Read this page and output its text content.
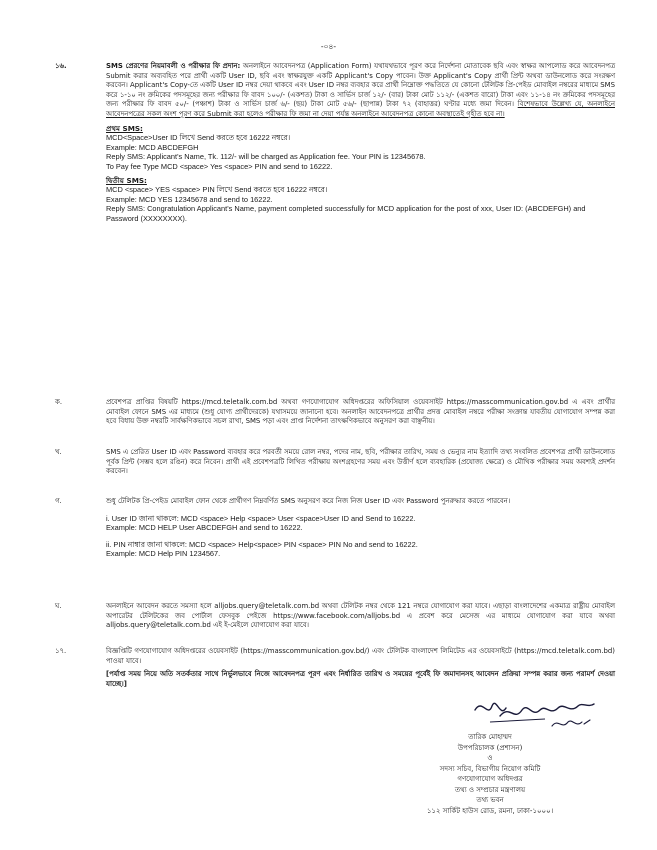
-০৪-
১৬.	SMS প্রেরণের নিয়মাবলী ও পরীক্ষার ফি প্রদান: অনলাইনে আবেদনপত্র (Application Form) যথাযথভাবে পূরণ করে নির্দেশনা মোতাবেক ছবি এবং স্বাক্ষর আপলোড করে আবেদনপত্র Submit করার অব্যবহিত পরে প্রার্থী একটি User ID, ছবি এবং স্বাক্ষরযুক্ত একটি Applicant's Copy পাবেন। উক্ত Applicant's Copy প্রার্থী প্রিন্ট অথবা ডাউনলোড করে সংরক্ষণ করবেন। Applicant's Copy-তে একটি User ID নম্বর দেয়া থাকবে এবং User ID নম্বর ব্যবহার করে প্রার্থী নিম্নোক্ত পদ্ধতিতে যে কোনো টেলিটক প্রি-পেইড মোবাইল নম্বরের মাধ্যমে SMS করে ১-১০ নং ক্রমিকের পদসমূহের জন্য পরীক্ষার ফি বাবদ ১০০/- (একশত) টাকা ও সার্ভিস চার্জ ১২/- (বার) টাকা মোট ১১২/- (একশত বারো) টাকা এবং ১১-১৪ নং ক্রমিকের পদসমূহের জন্য পরীক্ষার ফি বাবদ ৫০/- (পঞ্চাশ) টাকা ও সার্ভিস চার্জ ৬/- (ছয়) টাকা মোট ৫৬/- (ছাপান্ন) টাকা ৭২ (বাহাত্তর) ঘণ্টার মধ্যে জমা দিবেন। বিশেষভাবে উল্লেখ্য যে, অনলাইনে আবেদনপত্রের সকল অংশ পূরণ করে Submit করা হলেও পরীক্ষার ফি জমা না দেয়া পর্যন্ত অনলাইনে আবেদনপত্র কোনো অবস্থাতেই গৃহীত হবে না।
প্রথম SMS:
MCD<Space>User ID লিখে Send করতে হবে 16222 নম্বরে।
Example: MCD ABCDEFGH
Reply SMS: Applicant's Name, Tk. 112/- will be charged as Application fee. Your PIN is 12345678.
To Pay fee Type MCD <space> Yes <space> PIN and send to 16222.
দ্বিতীয় SMS:
MCD <space> YES <space> PIN লিখে Send করতে হবে 16222 নম্বরে।
Example: MCD YES 12345678 and send to 16222.
Reply SMS: Congratulation Applicant's Name, payment completed successfully for MCD application for the post of xxx, User ID: (ABCDEFGH) and Password (XXXXXXXX).
ক.	প্রবেশপত্র প্রাপ্তির বিষয়টি https://mcd.teletalk.com.bd অথবা গণযোগাযোগ অধিদপ্তরের অফিসিয়াল ওয়েবসাইট https://masscommunication.gov.bd এ এবং প্রার্থীর মোবাইল ফোনে SMS এর মাধ্যমে (শুধু যোগ্য প্রার্থীদেরকে) যথাসময়ে জানানো হবে। অনলাইন আবেদনপত্রে প্রার্থীর প্রদত্ত মোবাইল নম্বরে পরীক্ষা সংক্রান্ত যাবতীয় যোগাযোগ সম্পন্ন করা হবে বিধায় উক্ত নম্বরটি সার্বক্ষণিকভাবে সচল রাখা, SMS পড়া এবং প্রাপ্ত নির্দেশনা তাৎক্ষণিকভাবে অনুসরণ করা বাঞ্ছনীয়।
খ.	SMS এ প্রেরিত User ID এবং Password ব্যবহার করে পরবর্তী সময়ে রোল নম্বর, পদের নাম, ছবি, পরীক্ষার তারিখ, সময় ও ভেন্যুর নাম ইত্যাদি তথ্য সংবলিত প্রবেশপত্র প্রার্থী ডাউনলোড পূর্বক প্রিন্ট (সম্ভব হলে রঙিন) করে নিবেন। প্রার্থী এই প্রবেশপত্রটি লিখিত পরীক্ষায় অংশগ্রহণের সময় এবং উত্তীর্ণ হলে ব্যবহারিক (প্রযোজ্য ক্ষেত্রে) ও মৌখিক পরীক্ষার সময় অবশ্যই প্রদর্শন করবেন।
গ.	শুধু টেলিটক প্রি-পেইড মোবাইল ফোন থেকে প্রার্থীগণ নিম্নবর্ণিত SMS অনুসরণ করে নিজ নিজ User ID এবং Password পুনরুদ্ধার করতে পারবেন।
i. User ID জানা থাকলে: MCD <space> Help <space> User <space>User ID and Send to 16222.
Example: MCD HELP User ABCDEFGH and send to 16222.
ii. PIN নাম্বার জানা থাকলে: MCD <space> Help<space> PIN <space> PIN No and send to 16222.
Example: MCD Help PIN 1234567.
ঘ.	অনলাইনে আবেদন করতে সমস্যা হলে alljobs.query@teletalk.com.bd অথবা টেলিটক নম্বর থেকে 121 নম্বরে যোগাযোগ করা যাবে। এছাড়া বাংলাদেশের একমাত্র রাষ্ট্রীয় মোবাইল অপারেটর টেলিটকের জব পোর্টাল ফেসবুক পেইজে https://www.facebook.com/alljobs.bd এ প্রবেশ করে মেসেজ এর মাধ্যমে যোগাযোগ করা যাবে অথবা alljobs.query@teletalk.com.bd এই ই-মেইলে যোগাযোগ করা যাবে।
১৭.	বিজ্ঞপ্তিটি গণযোগাযোগ অধিদপ্তরের ওয়েবসাইট (https://masscommunication.gov.bd/) এবং টেলিটক বাংলাদেশ লিমিটেড এর ওয়েবসাইটে (https://mcd.teletalk.com.bd) পাওয়া যাবে।
[পর্যাপ্ত সময় নিয়ে অতি সতর্কতার সাথে নির্ভুলভাবে নিজে আবেদনপত্র পূরণ এবং নির্ধারিত তারিখ ও সময়ের পূর্বেই ফি জমাদানসহ আবেদন প্রক্রিয়া সম্পন্ন করার জন্য পরামর্শ দেওয়া যাচ্ছে।]
তারিক মোহাম্মদ
উপপরিচালক (প্রশাসন)
ও
সদস্য সচিব, বিভাগীয় নিয়োগ কমিটি
গণযোগাযোগ অধিদপ্তর
তথ্য ও সম্প্রচার মন্ত্রণালয়
তথ্য ভবন
১১২ সার্কিট হাউস রোড, রমনা, ঢাকা-১০০০।
